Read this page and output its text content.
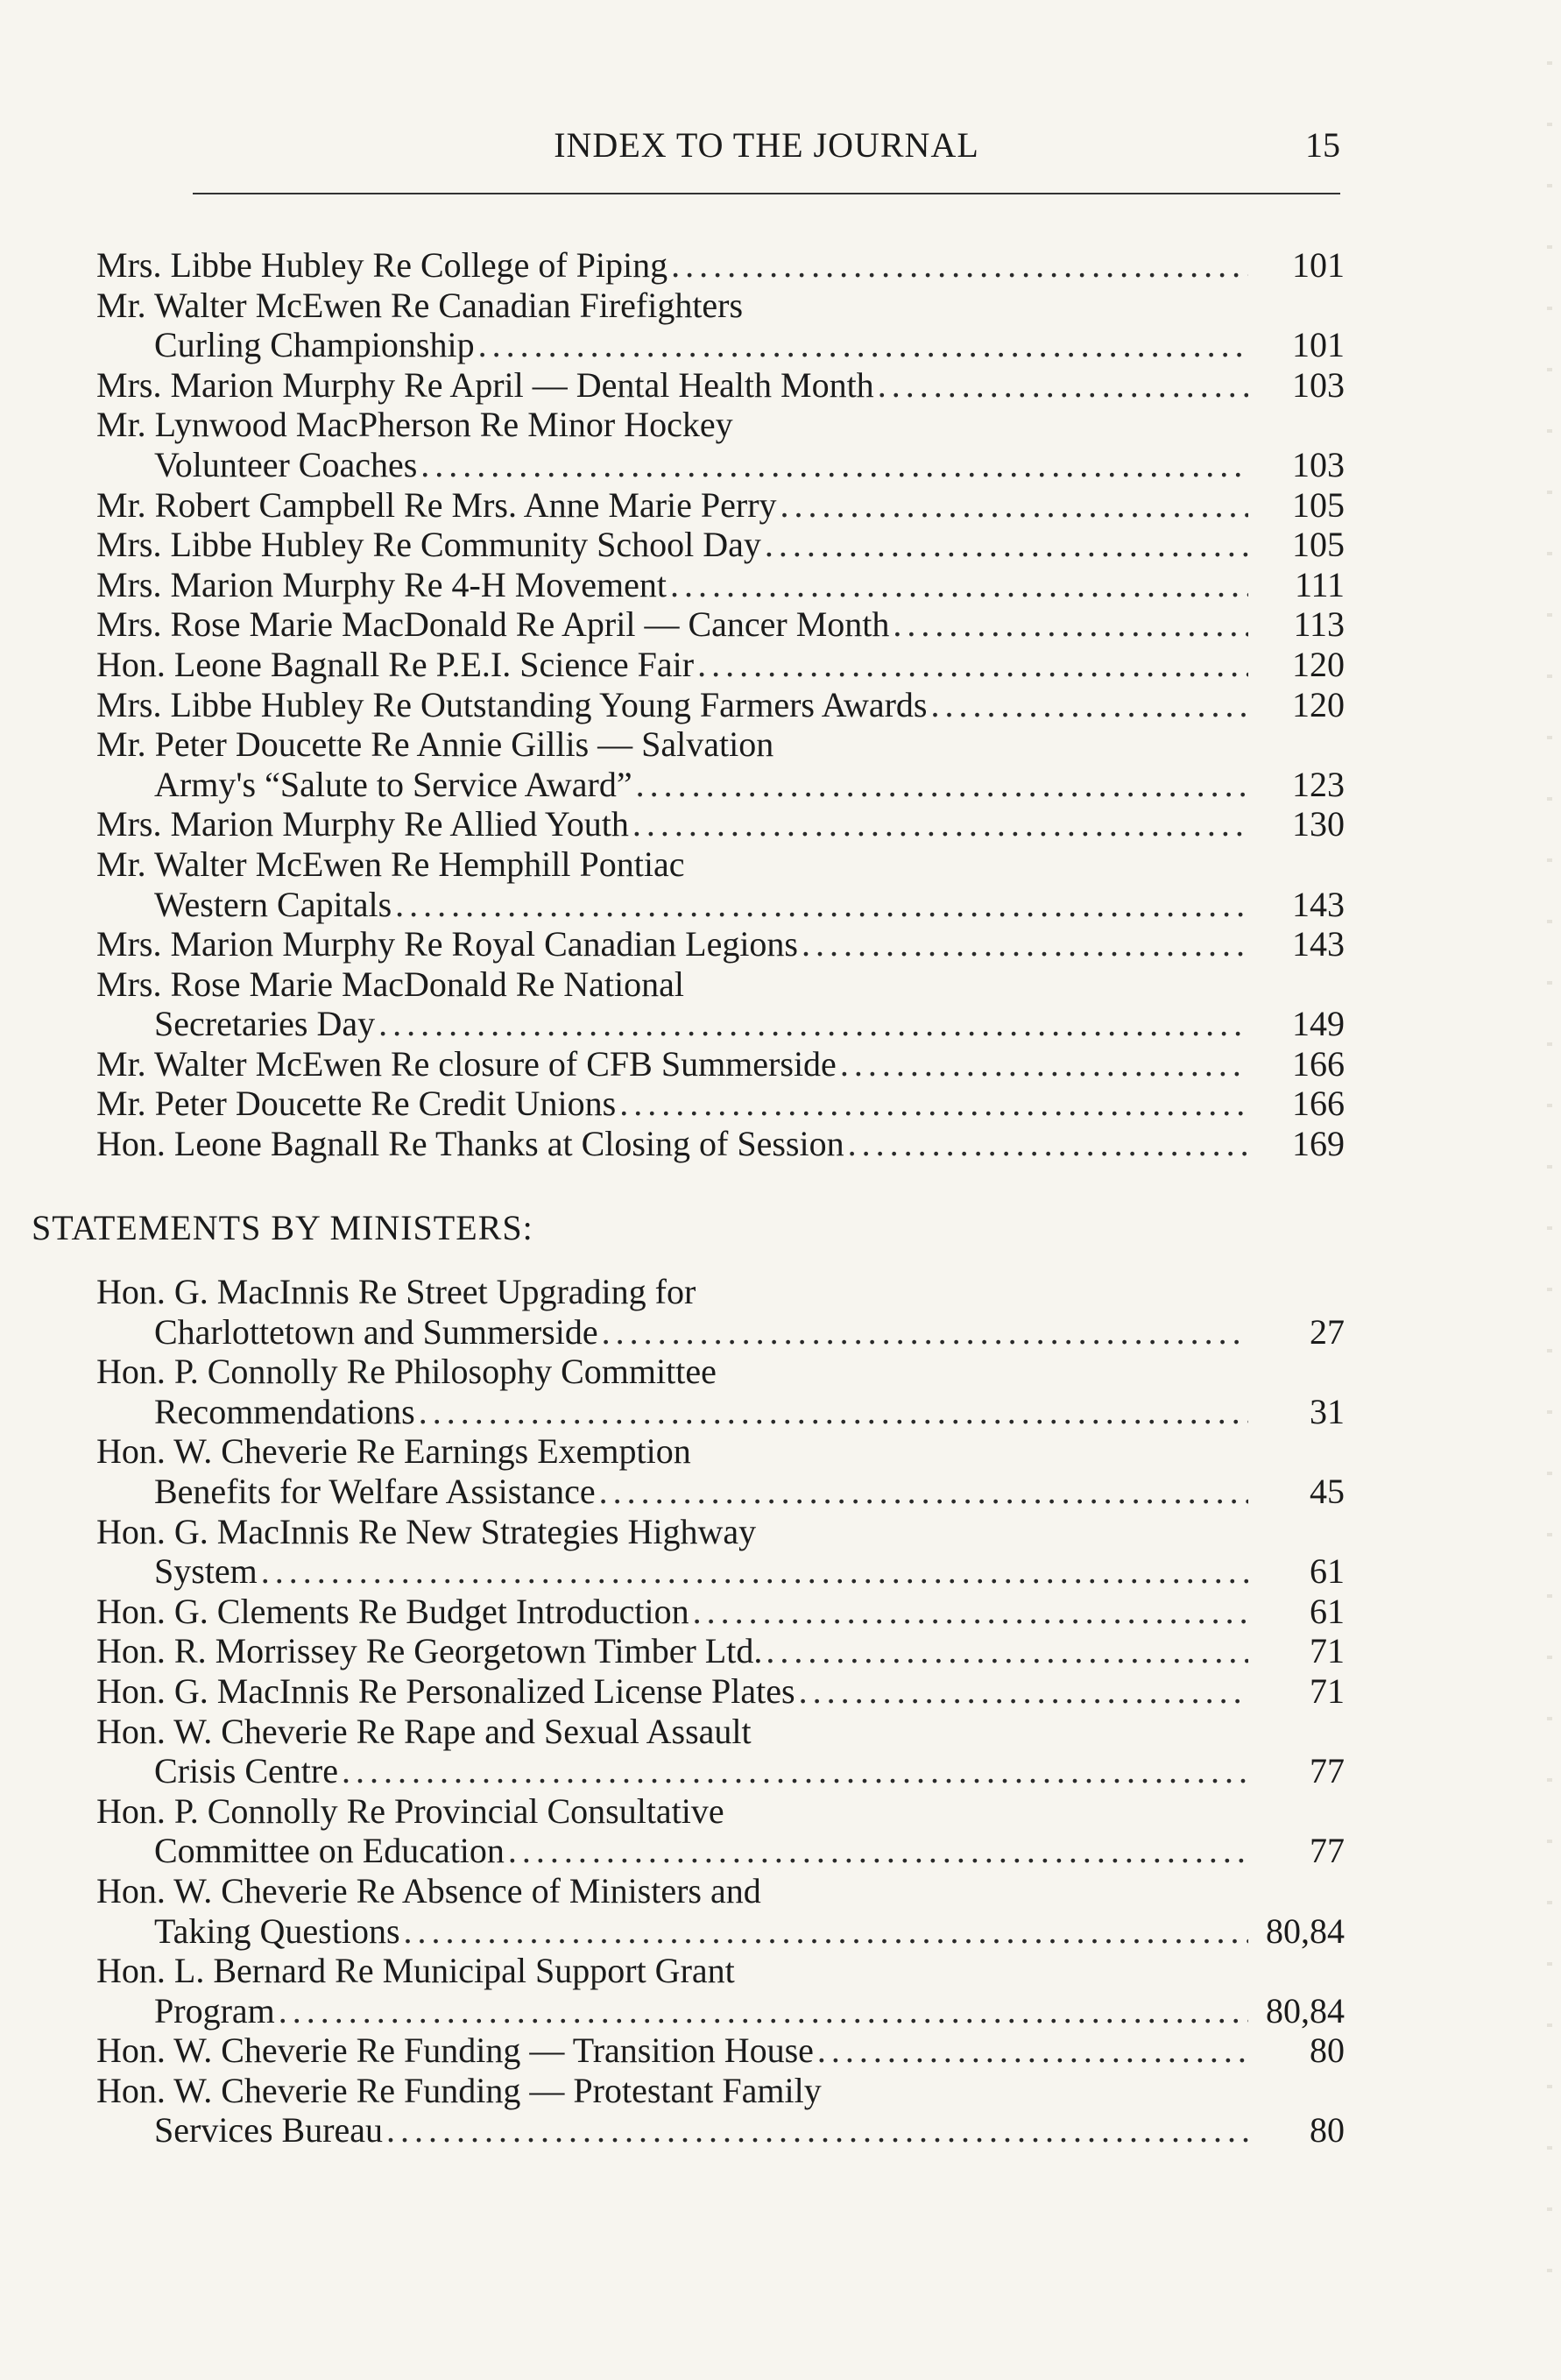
INDEX TO THE JOURNAL	15
Mrs. Libbe Hubley Re College of Piping .....	101
Mr. Walter McEwen Re Canadian Firefighters
Curling Championship .....	101
Mrs. Marion Murphy Re April — Dental Health Month .....	103
Mr. Lynwood MacPherson Re Minor Hockey
Volunteer Coaches .....	103
Mr. Robert Campbell Re Mrs. Anne Marie Perry .....	105
Mrs. Libbe Hubley Re Community School Day .....	105
Mrs. Marion Murphy Re 4-H Movement .....	111
Mrs. Rose Marie MacDonald Re April — Cancer Month .....	113
Hon. Leone Bagnall Re P.E.I. Science Fair .....	120
Mrs. Libbe Hubley Re Outstanding Young Farmers Awards .....	120
Mr. Peter Doucette Re Annie Gillis — Salvation
Army's “Salute to Service Award” .....	123
Mrs. Marion Murphy Re Allied Youth .....	130
Mr. Walter McEwen Re Hemphill Pontiac
Western Capitals .....	143
Mrs. Marion Murphy Re Royal Canadian Legions .....	143
Mrs. Rose Marie MacDonald Re National
Secretaries Day .....	149
Mr. Walter McEwen Re closure of CFB Summerside .....	166
Mr. Peter Doucette Re Credit Unions .....	166
Hon. Leone Bagnall Re Thanks at Closing of Session .....	169
STATEMENTS BY MINISTERS:
Hon. G. MacInnis Re Street Upgrading for
Charlottetown and Summerside .....	27
Hon. P. Connolly Re Philosophy Committee
Recommendations .....	31
Hon. W. Cheverie Re Earnings Exemption
Benefits for Welfare Assistance .....	45
Hon. G. MacInnis Re New Strategies Highway
System .....	61
Hon. G. Clements Re Budget Introduction .....	61
Hon. R. Morrissey Re Georgetown Timber Ltd. .....	71
Hon. G. MacInnis Re Personalized License Plates .....	71
Hon. W. Cheverie Re Rape and Sexual Assault
Crisis Centre .....	77
Hon. P. Connolly Re Provincial Consultative
Committee on Education .....	77
Hon. W. Cheverie Re Absence of Ministers and
Taking Questions .....	80,84
Hon. L. Bernard Re Municipal Support Grant
Program .....	80,84
Hon. W. Cheverie Re Funding — Transition House .....	80
Hon. W. Cheverie Re Funding — Protestant Family
Services Bureau .....	80
